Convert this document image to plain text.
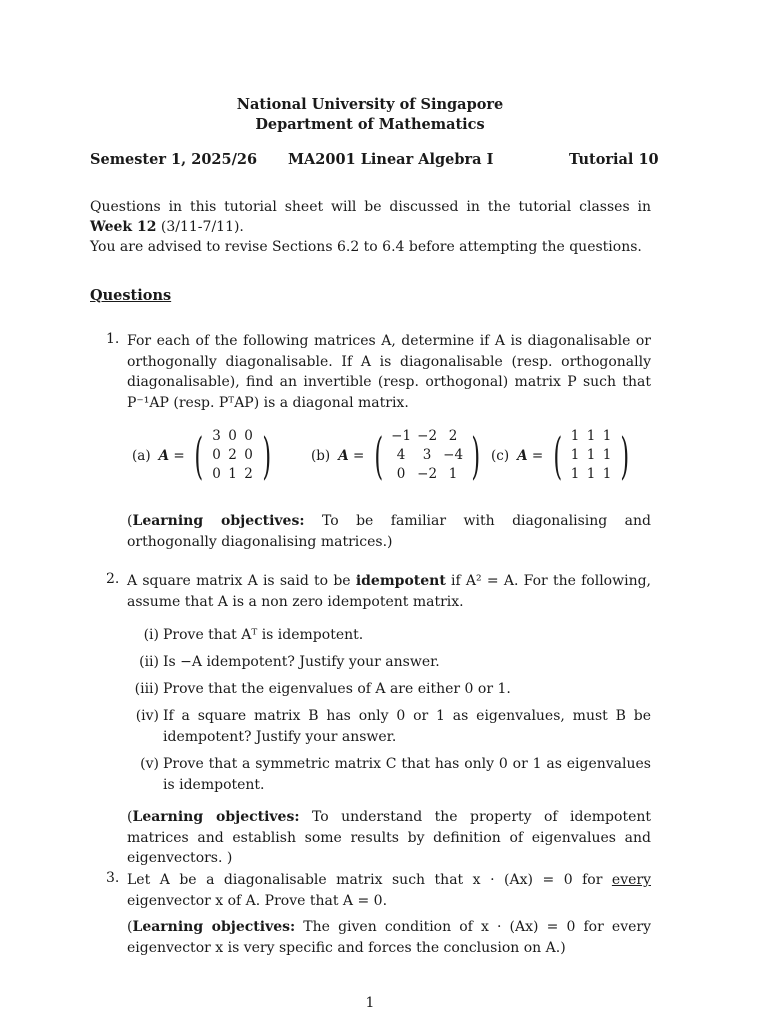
National University of Singapore
Department of Mathematics
Semester 1, 2025/26 MA2001 Linear Algebra I	Tutorial 10
Questions in this tutorial sheet will be discussed in the tutorial classes in Week 12 (3/11-7/11).
You are advised to revise Sections 6.2 to 6.4 before attempting the questions.
Questions
1. For each of the following matrices A, determine if A is diagonalisable or orthogonally diagonalisable. If A is diagonalisable (resp. orthogonally diagonalisable), find an invertible (resp. orthogonal) matrix P such that P⁻¹AP (resp. PᵀAP) is a diagonal matrix.
(a) A = ( 3 0 0
0 2 0
0 1 2 )	(b) A = ( −1 −2 2
4	3 −4
0 −2 1 ) (c) A = ( 1 1 1
1 1 1
1 1 1 )
(Learning objectives: To be familiar with diagonalising and orthogonally diagonalising matrices.)
2. A square matrix A is said to be idempotent if A² = A. For the following, assume that A is a non zero idempotent matrix.
(i) Prove that Aᵀ is idempotent.
(ii) Is −A idempotent? Justify your answer.
(iii) Prove that the eigenvalues of A are either 0 or 1.
(iv) If a square matrix B has only 0 or 1 as eigenvalues, must B be idempotent? Justify your answer.
(v) Prove that a symmetric matrix C that has only 0 or 1 as eigenvalues is idempotent.
(Learning objectives: To understand the property of idempotent matrices and establish some results by definition of eigenvalues and eigenvectors. )
3. Let A be a diagonalisable matrix such that x · (Ax) = 0 for every eigenvector x of A. Prove that A = 0.
(Learning objectives: The given condition of x · (Ax) = 0 for every eigenvector x is very specific and forces the conclusion on A.)
1
